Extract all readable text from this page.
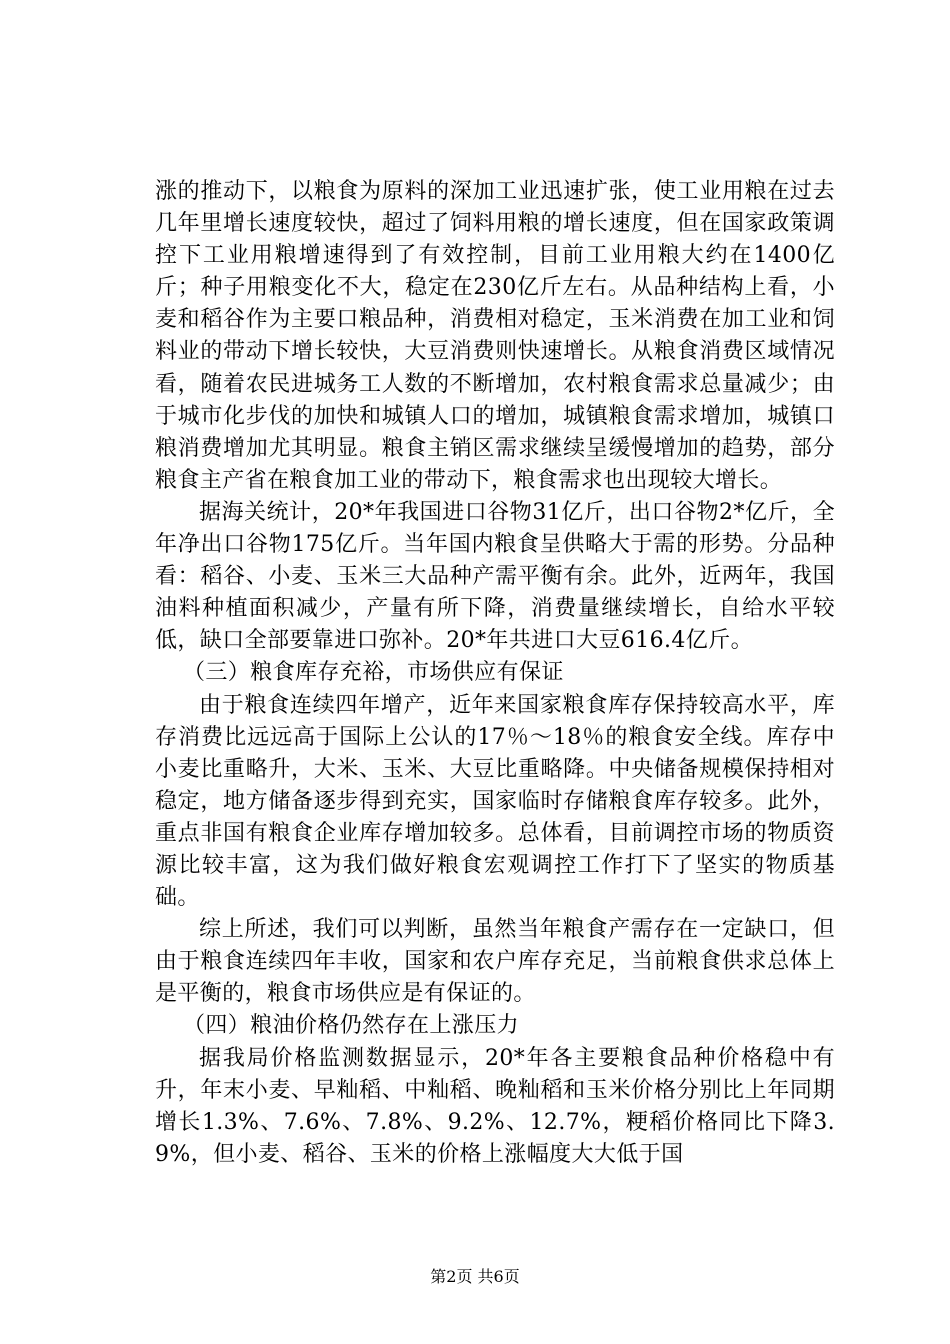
涨的推动下，以粮食为原料的深加工业迅速扩张，使工业用粮在过去几年里增长速度较快，超过了饲料用粮的增长速度，但在国家政策调控下工业用粮增速得到了有效控制，目前工业用粮大约在1400亿斤；种子用粮变化不大，稳定在230亿斤左右。从品种结构上看，小麦和稻谷作为主要口粮品种，消费相对稳定，玉米消费在加工业和饲料业的带动下增长较快，大豆消费则快速增长。从粮食消费区域情况看，随着农民进城务工人数的不断增加，农村粮食需求总量减少；由于城市化步伐的加快和城镇人口的增加，城镇粮食需求增加，城镇口粮消费增加尤其明显。粮食主销区需求继续呈缓慢增加的趋势，部分粮食主产省在粮食加工业的带动下，粮食需求也出现较大增长。

据海关统计，20*年我国进口谷物31亿斤，出口谷物2*亿斤，全年净出口谷物175亿斤。当年国内粮食呈供略大于需的形势。分品种看：稻谷、小麦、玉米三大品种产需平衡有余。此外，近两年，我国油料种植面积减少，产量有所下降，消费量继续增长，自给水平较低，缺口全部要靠进口弥补。20*年共进口大豆616.4亿斤。

（三）粮食库存充裕，市场供应有保证

由于粮食连续四年增产，近年来国家粮食库存保持较高水平，库存消费比远远高于国际上公认的17％～18％的粮食安全线。库存中小麦比重略升，大米、玉米、大豆比重略降。中央储备规模保持相对稳定，地方储备逐步得到充实，国家临时存储粮食库存较多。此外，重点非国有粮食企业库存增加较多。总体看，目前调控市场的物质资源比较丰富，这为我们做好粮食宏观调控工作打下了坚实的物质基础。

综上所述，我们可以判断，虽然当年粮食产需存在一定缺口，但由于粮食连续四年丰收，国家和农户库存充足，当前粮食供求总体上是平衡的，粮食市场供应是有保证的。

（四）粮油价格仍然存在上涨压力

据我局价格监测数据显示，20*年各主要粮食品种价格稳中有升，年末小麦、早籼稻、中籼稻、晚籼稻和玉米价格分别比上年同期增长1.3%、7.6%、7.8%、9.2%、12.7%，粳稻价格同比下降3.9%，但小麦、稻谷、玉米的价格上涨幅度大大低于国

第2页 共6页
